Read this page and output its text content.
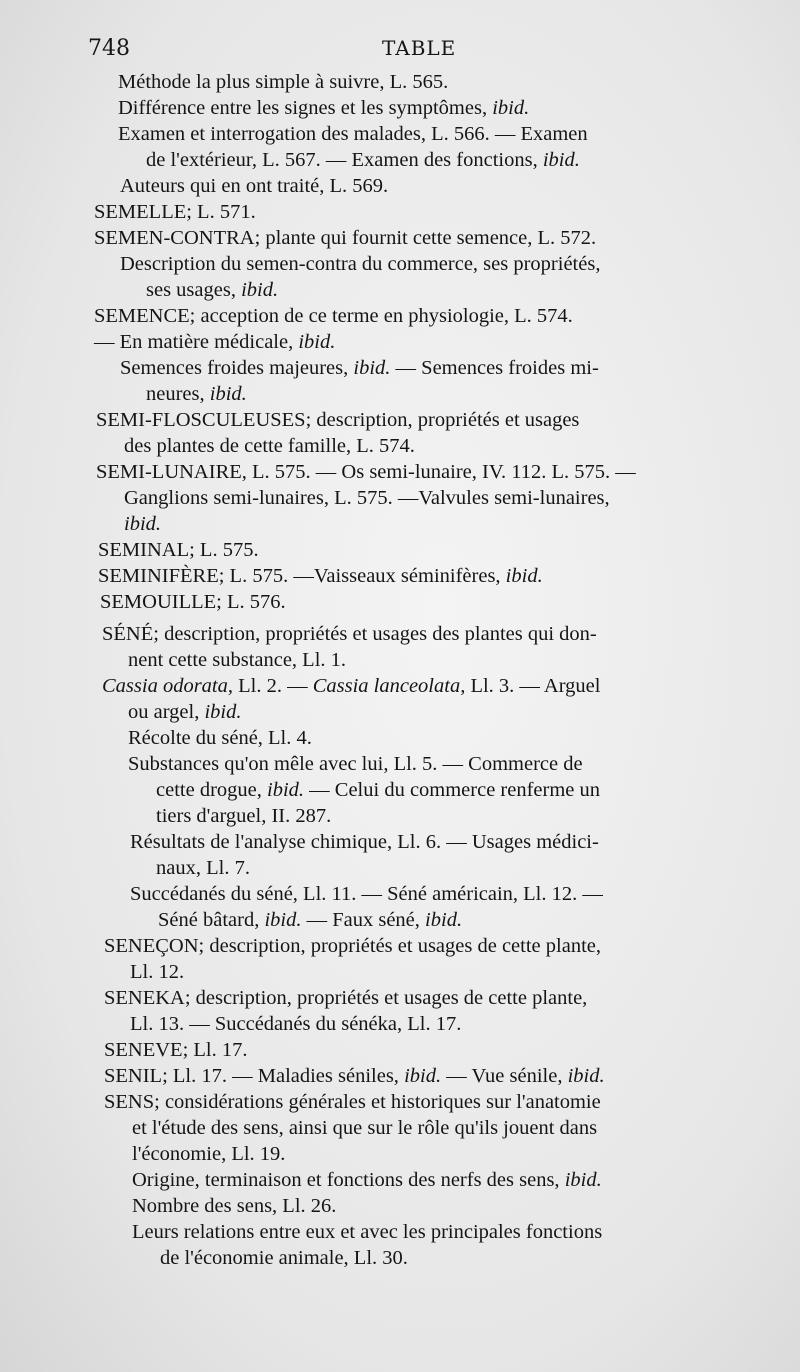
748	TABLE
Méthode la plus simple à suivre, L. 565.
Différence entre les signes et les symptômes, ibid.
Examen et interrogation des malades, L. 566. — Examen
de l'extérieur, L. 567. — Examen des fonctions, ibid.
Auteurs qui en ont traité, L. 569.
SEMELLE; L. 571.
SEMEN-CONTRA; plante qui fournit cette semence, L. 572.
Description du semen-contra du commerce, ses propriétés,
ses usages, ibid.
SEMENCE; acception de ce terme en physiologie, L. 574.
— En matière médicale, ibid.
Semences froides majeures, ibid. — Semences froides mi-
neures, ibid.
SEMI-FLOSCULEUSES; description, propriétés et usages
des plantes de cette famille, L. 574.
SEMI-LUNAIRE, L. 575. — Os semi-lunaire, IV. 112. L. 575. —
Ganglions semi-lunaires, L. 575. —Valvules semi-lunaires,
ibid.
SEMINAL; L. 575.
SEMINIFÈRE; L. 575. —Vaisseaux séminifères, ibid.
SEMOUILLE; L. 576.
SÉNÉ; description, propriétés et usages des plantes qui don-
nent cette substance, Ll. 1.
Cassia odorata, Ll. 2. — Cassia lanceolata, Ll. 3. — Arguel
ou argel, ibid.
Récolte du séné, Ll. 4.
Substances qu'on mêle avec lui, Ll. 5. — Commerce de
cette drogue, ibid. — Celui du commerce renferme un
tiers d'arguel, II. 287.
Résultats de l'analyse chimique, Ll. 6. — Usages médici-
naux, Ll. 7.
Succédanés du séné, Ll. 11. — Séné américain, Ll. 12. —
Séné bâtard, ibid. — Faux séné, ibid.
SENEÇON; description, propriétés et usages de cette plante,
Ll. 12.
SENEKA; description, propriétés et usages de cette plante,
Ll. 13. — Succédanés du sénéka, Ll. 17.
SENEVE; Ll. 17.
SENIL; Ll. 17. — Maladies séniles, ibid. — Vue sénile, ibid.
SENS; considérations générales et historiques sur l'anatomie
et l'étude des sens, ainsi que sur le rôle qu'ils jouent dans
l'économie, Ll. 19.
Origine, terminaison et fonctions des nerfs des sens, ibid.
Nombre des sens, Ll. 26.
Leurs relations entre eux et avec les principales fonctions
de l'économie animale, Ll. 30.
